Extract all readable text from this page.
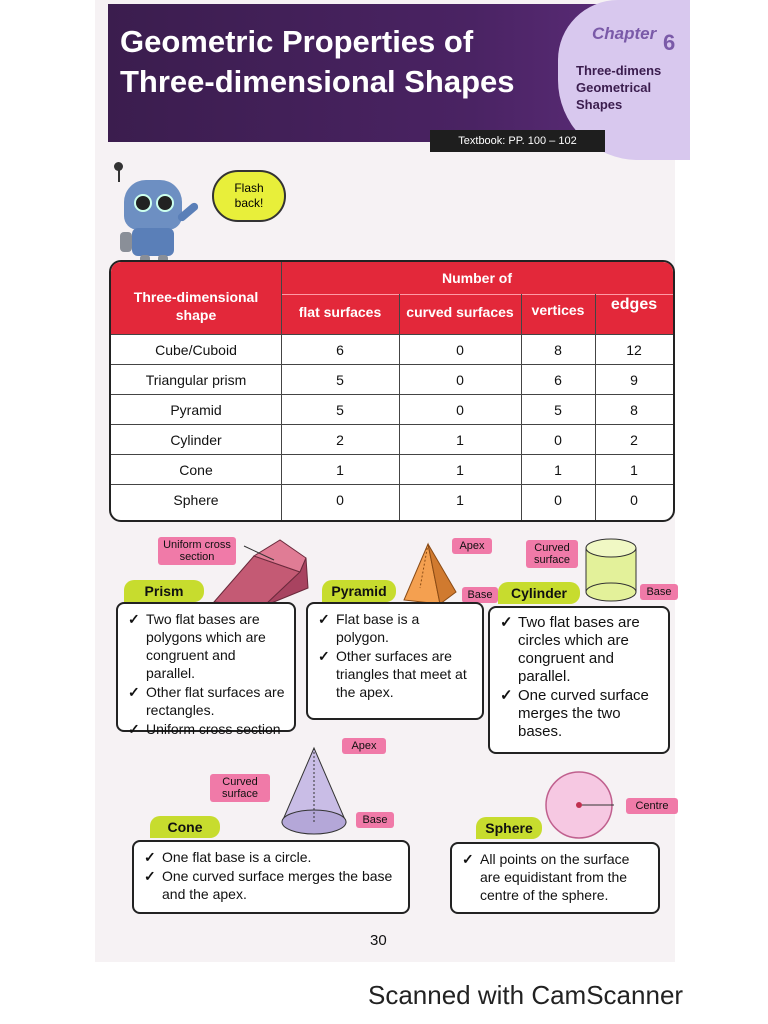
Geometric Properties of
Three-dimensional Shapes
Chapter 6
Three-dimens
Geometrical
Shapes
Textbook: PP. 100 – 102
Flash
back!
Three-dimensional
shape
Number of
flat surfaces	curved surfaces	vertices	edges
Cube/Cuboid	6	0	8	12
Triangular prism	5	0	6	9
Pyramid	5	0	5	8
Cylinder	2	1	0	2
Cone	1	1	1	1
Sphere	0	1	0	0
Uniform cross
section
Prism
✓ Two flat bases are polygons which are congruent and parallel.
✓ Other flat surfaces are rectangles.
✓ Uniform cross section
Apex
Base
Pyramid
✓ Flat base is a polygon.
✓ Other surfaces are triangles that meet at the apex.
Curved
surface
Base
Cylinder
✓ Two flat bases are circles which are congruent and parallel.
✓ One curved surface merges the two bases.
Apex
Curved
surface
Base
Cone
✓ One flat base is a circle.
✓ One curved surface merges the base and the apex.
Centre
Sphere
✓ All points on the surface are equidistant from the centre of the sphere.
30
Scanned with CamScanner
